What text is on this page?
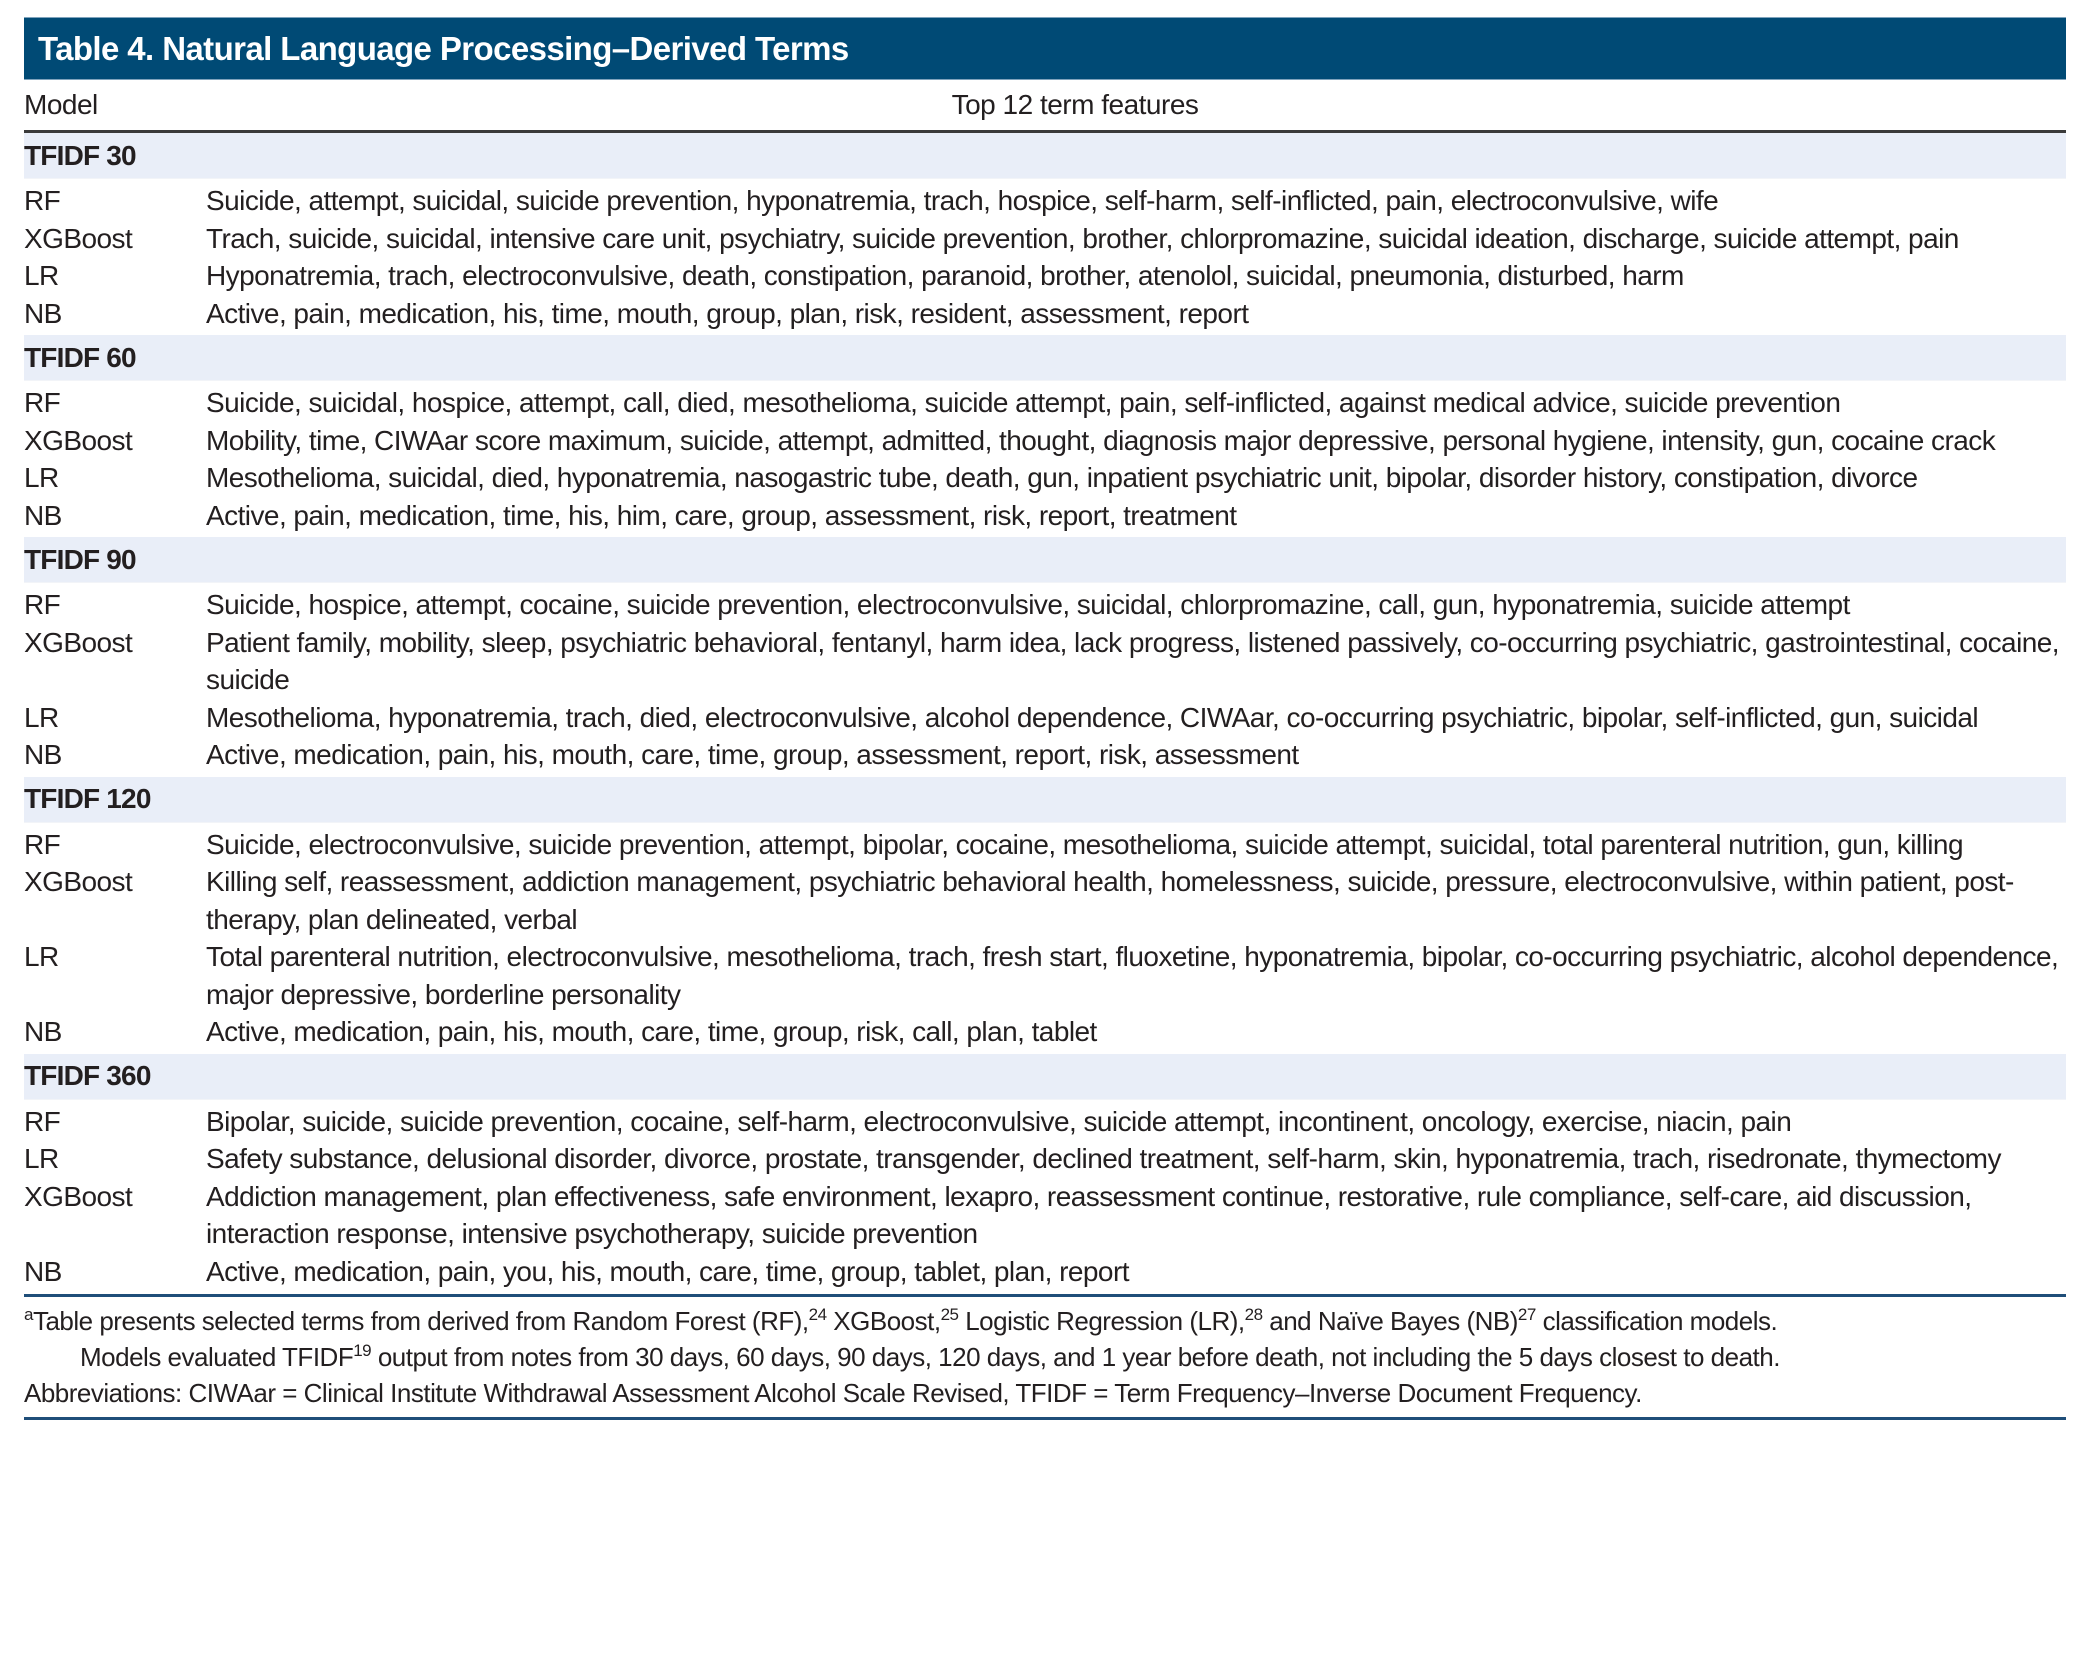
Table 4. Natural Language Processing–Derived Terms
Model	Top 12 term features
TFIDF 30
RF	Suicide, attempt, suicidal, suicide prevention, hyponatremia, trach, hospice, self-harm, self-inflicted, pain, electroconvulsive, wife
XGBoost	Trach, suicide, suicidal, intensive care unit, psychiatry, suicide prevention, brother, chlorpromazine, suicidal ideation, discharge, suicide attempt, pain
LR	Hyponatremia, trach, electroconvulsive, death, constipation, paranoid, brother, atenolol, suicidal, pneumonia, disturbed, harm
NB	Active, pain, medication, his, time, mouth, group, plan, risk, resident, assessment, report
TFIDF 60
RF	Suicide, suicidal, hospice, attempt, call, died, mesothelioma, suicide attempt, pain, self-inflicted, against medical advice, suicide prevention
XGBoost	Mobility, time, CIWAar score maximum, suicide, attempt, admitted, thought, diagnosis major depressive, personal hygiene, intensity, gun, cocaine crack
LR	Mesothelioma, suicidal, died, hyponatremia, nasogastric tube, death, gun, inpatient psychiatric unit, bipolar, disorder history, constipation, divorce
NB	Active, pain, medication, time, his, him, care, group, assessment, risk, report, treatment
TFIDF 90
RF	Suicide, hospice, attempt, cocaine, suicide prevention, electroconvulsive, suicidal, chlorpromazine, call, gun, hyponatremia, suicide attempt
XGBoost	Patient family, mobility, sleep, psychiatric behavioral, fentanyl, harm idea, lack progress, listened passively, co-occurring psychiatric, gastrointestinal, cocaine, suicide
LR	Mesothelioma, hyponatremia, trach, died, electroconvulsive, alcohol dependence, CIWAar, co-occurring psychiatric, bipolar, self-inflicted, gun, suicidal
NB	Active, medication, pain, his, mouth, care, time, group, assessment, report, risk, assessment
TFIDF 120
RF	Suicide, electroconvulsive, suicide prevention, attempt, bipolar, cocaine, mesothelioma, suicide attempt, suicidal, total parenteral nutrition, gun, killing
XGBoost	Killing self, reassessment, addiction management, psychiatric behavioral health, homelessness, suicide, pressure, electroconvulsive, within patient, post-therapy, plan delineated, verbal
LR	Total parenteral nutrition, electroconvulsive, mesothelioma, trach, fresh start, fluoxetine, hyponatremia, bipolar, co-occurring psychiatric, alcohol dependence, major depressive, borderline personality
NB	Active, medication, pain, his, mouth, care, time, group, risk, call, plan, tablet
TFIDF 360
RF	Bipolar, suicide, suicide prevention, cocaine, self-harm, electroconvulsive, suicide attempt, incontinent, oncology, exercise, niacin, pain
LR	Safety substance, delusional disorder, divorce, prostate, transgender, declined treatment, self-harm, skin, hyponatremia, trach, risedronate, thymectomy
XGBoost	Addiction management, plan effectiveness, safe environment, lexapro, reassessment continue, restorative, rule compliance, self-care, aid discussion, interaction response, intensive psychotherapy, suicide prevention
NB	Active, medication, pain, you, his, mouth, care, time, group, tablet, plan, report
$^a$Table presents selected terms from derived from Random Forest (RF),$^{24}$ XGBoost,$^{25}$ Logistic Regression (LR),$^{28}$ and Naïve Bayes (NB)$^{27}$ classification models.
Models evaluated TFIDF$^{19}$ output from notes from 30 days, 60 days, 90 days, 120 days, and 1 year before death, not including the 5 days closest to death.
Abbreviations: CIWAar = Clinical Institute Withdrawal Assessment Alcohol Scale Revised, TFIDF = Term Frequency–Inverse Document Frequency.
